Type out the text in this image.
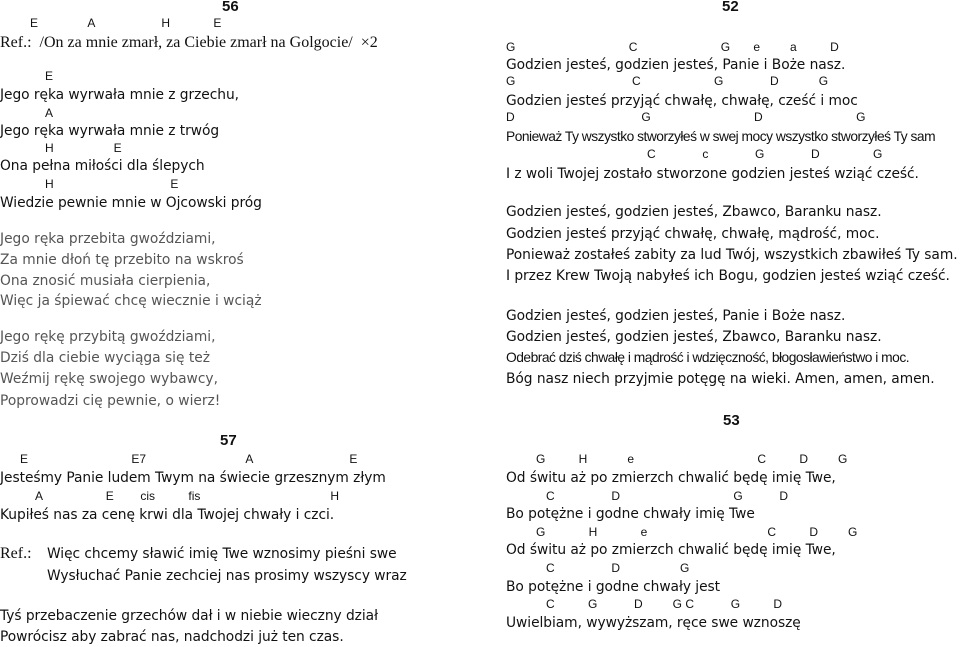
56
E               A                    H             E
Ref.:  /On za mnie zmarł, za Ciebie zmarł na Golgocie/  ×2
E
Jego ręka wyrwała mnie z grzechu,
A
Jego ręka wyrwała mnie z trwóg
H                  E
Ona pełna miłości dla ślepych
H                                   E
Wiedzie pewnie mnie w Ojcowski próg
Jego ręka przebita gwoździami,
Za mnie dłoń tę przebito na wskroś
Ona znosić musiała cierpienia,
Więc ja śpiewać chcę wiecznie i wciąż
Jego rękę przybitą gwoździami,
Dziś dla ciebie wyciąga się też
Weźmij rękę swojego wybawcy,
Poprowadzi cię pewnie, o wierz!
57
E                               E7                              A                             E
Jesteśmy Panie ludem Twym na świecie grzesznym złym
A                   E        cis          fis                                       H
Kupiłeś nas za cenę krwi dla Twojej chwały i czci.
Ref.: Więc chcemy sławić imię Twe wznosimy pieśni swe
Wysłuchać Panie zechciej nas prosimy wszyscy wraz
Tyś przebaczenie grzechów dał i w niebie wieczny dział
Powrócisz aby zabrać nas, nadchodzi już ten czas.
52
G                                  C                         G       e         a          D
Godzien jesteś, godzien jesteś, Panie i Boże nasz.
G                                   C                      G              D            G
Godzien jesteś przyjąć chwałę, chwałę, cześć i moc
D                                      G                               D                            G
Ponieważ Ty wszystko stworzyłeś w swej mocy wszystko stworzyłeś Ty sam
C              c              G              D                G
I z woli Twojej zostało stworzone godzien jesteś wziąć cześć.
Godzien jesteś, godzien jesteś, Zbawco, Baranku nasz.
Godzien jesteś przyjąć chwałę, chwałę, mądrość, moc.
Ponieważ zostałeś zabity za lud Twój, wszystkich zbawiłeś Ty sam.
I przez Krew Twoją nabyłeś ich Bogu, godzien jesteś wziąć cześć.
Godzien jesteś, godzien jesteś, Panie i Boże nasz.
Godzien jesteś, godzien jesteś, Zbawco, Baranku nasz.
Odebrać dziś chwałę i mądrość i wdzięczność, błogosławieństwo i moc.
Bóg nasz niech przyjmie potęgę na wieki. Amen, amen, amen.
53
G          H            e                                     C          D         G
Od świtu aż po zmierzch chwalić będę imię Twe,
C                 D                                  G           D
Bo potężne i godne chwały imię Twe
G             H             e                                    C          D         G
Od świtu aż po zmierzch chwalić będę imię Twe,
C                 D                  G
Bo potężne i godne chwały jest
C          G           D         G C           G          D
Uwielbiam, wywyższam, ręce swe wznoszę
